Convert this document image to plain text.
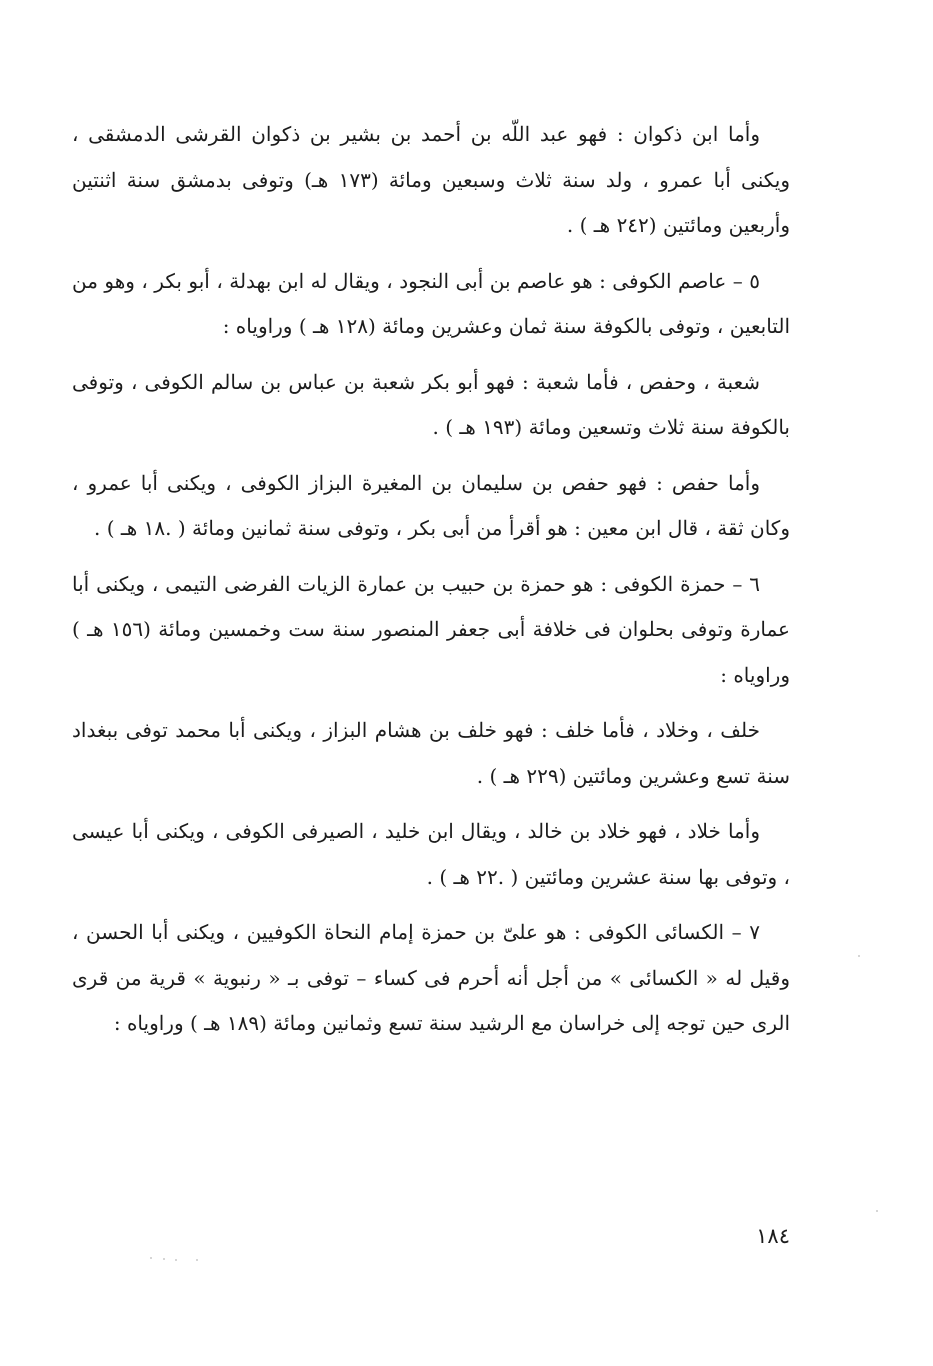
وأما ابن ذكوان : فهو عبد اللّه بن أحمد بن بشير بن ذكوان القرشى الدمشقى ، ويكنى أبا عمرو ، ولد سنة ثلاث وسبعين ومائة (١٧٣ هـ) وتوفى بدمشق سنة اثنتين وأربعين ومائتين (٢٤٢ هـ ) .

٥ – عاصم الكوفى : هو عاصم بن أبى النجود ، ويقال له ابن بهدلة ، أبو بكر ، وهو من التابعين ، وتوفى بالكوفة سنة ثمان وعشرين ومائة (١٢٨ هـ ) وراوياه :

شعبة ، وحفص ، فأما شعبة : فهو أبو بكر شعبة بن عباس بن سالم الكوفى ، وتوفى بالكوفة سنة ثلاث وتسعين ومائة (١٩٣ هـ ) .

وأما حفص : فهو حفص بن سليمان بن المغيرة البزاز الكوفى ، ويكنى أبا عمرو ، وكان ثقة ، قال ابن معين : هو أقرأ من أبى بكر ، وتوفى سنة ثمانين ومائة ( .١٨ هـ ) .

٦ – حمزة الكوفى : هو حمزة بن حبيب بن عمارة الزيات الفرضى التيمى ، ويكنى أبا عمارة وتوفى بحلوان فى خلافة أبى جعفر المنصور سنة ست وخمسين ومائة (١٥٦ هـ ) وراوياه :

خلف ، وخلاد ، فأما خلف : فهو خلف بن هشام البزاز ، ويكنى أبا محمد توفى ببغداد سنة تسع وعشرين ومائتين (٢٢٩ هـ ) .

وأما خلاد ، فهو خلاد بن خالد ، ويقال ابن خليد ، الصيرفى الكوفى ، ويكنى أبا عيسى ، وتوفى بها سنة عشرين ومائتين ( .٢٢ هـ ) .

٧ – الكسائى الكوفى : هو علىّ بن حمزة إمام النحاة الكوفيين ، ويكنى أبا الحسن ، وقيل له « الكسائى » من أجل أنه أحرم فى كساء – توفى بـ « رنبوية » قرية من قرى الرى حين توجه إلى خراسان مع الرشيد سنة تسع وثمانين ومائة (١٨٩ هـ ) وراوياه :

١٨٤
